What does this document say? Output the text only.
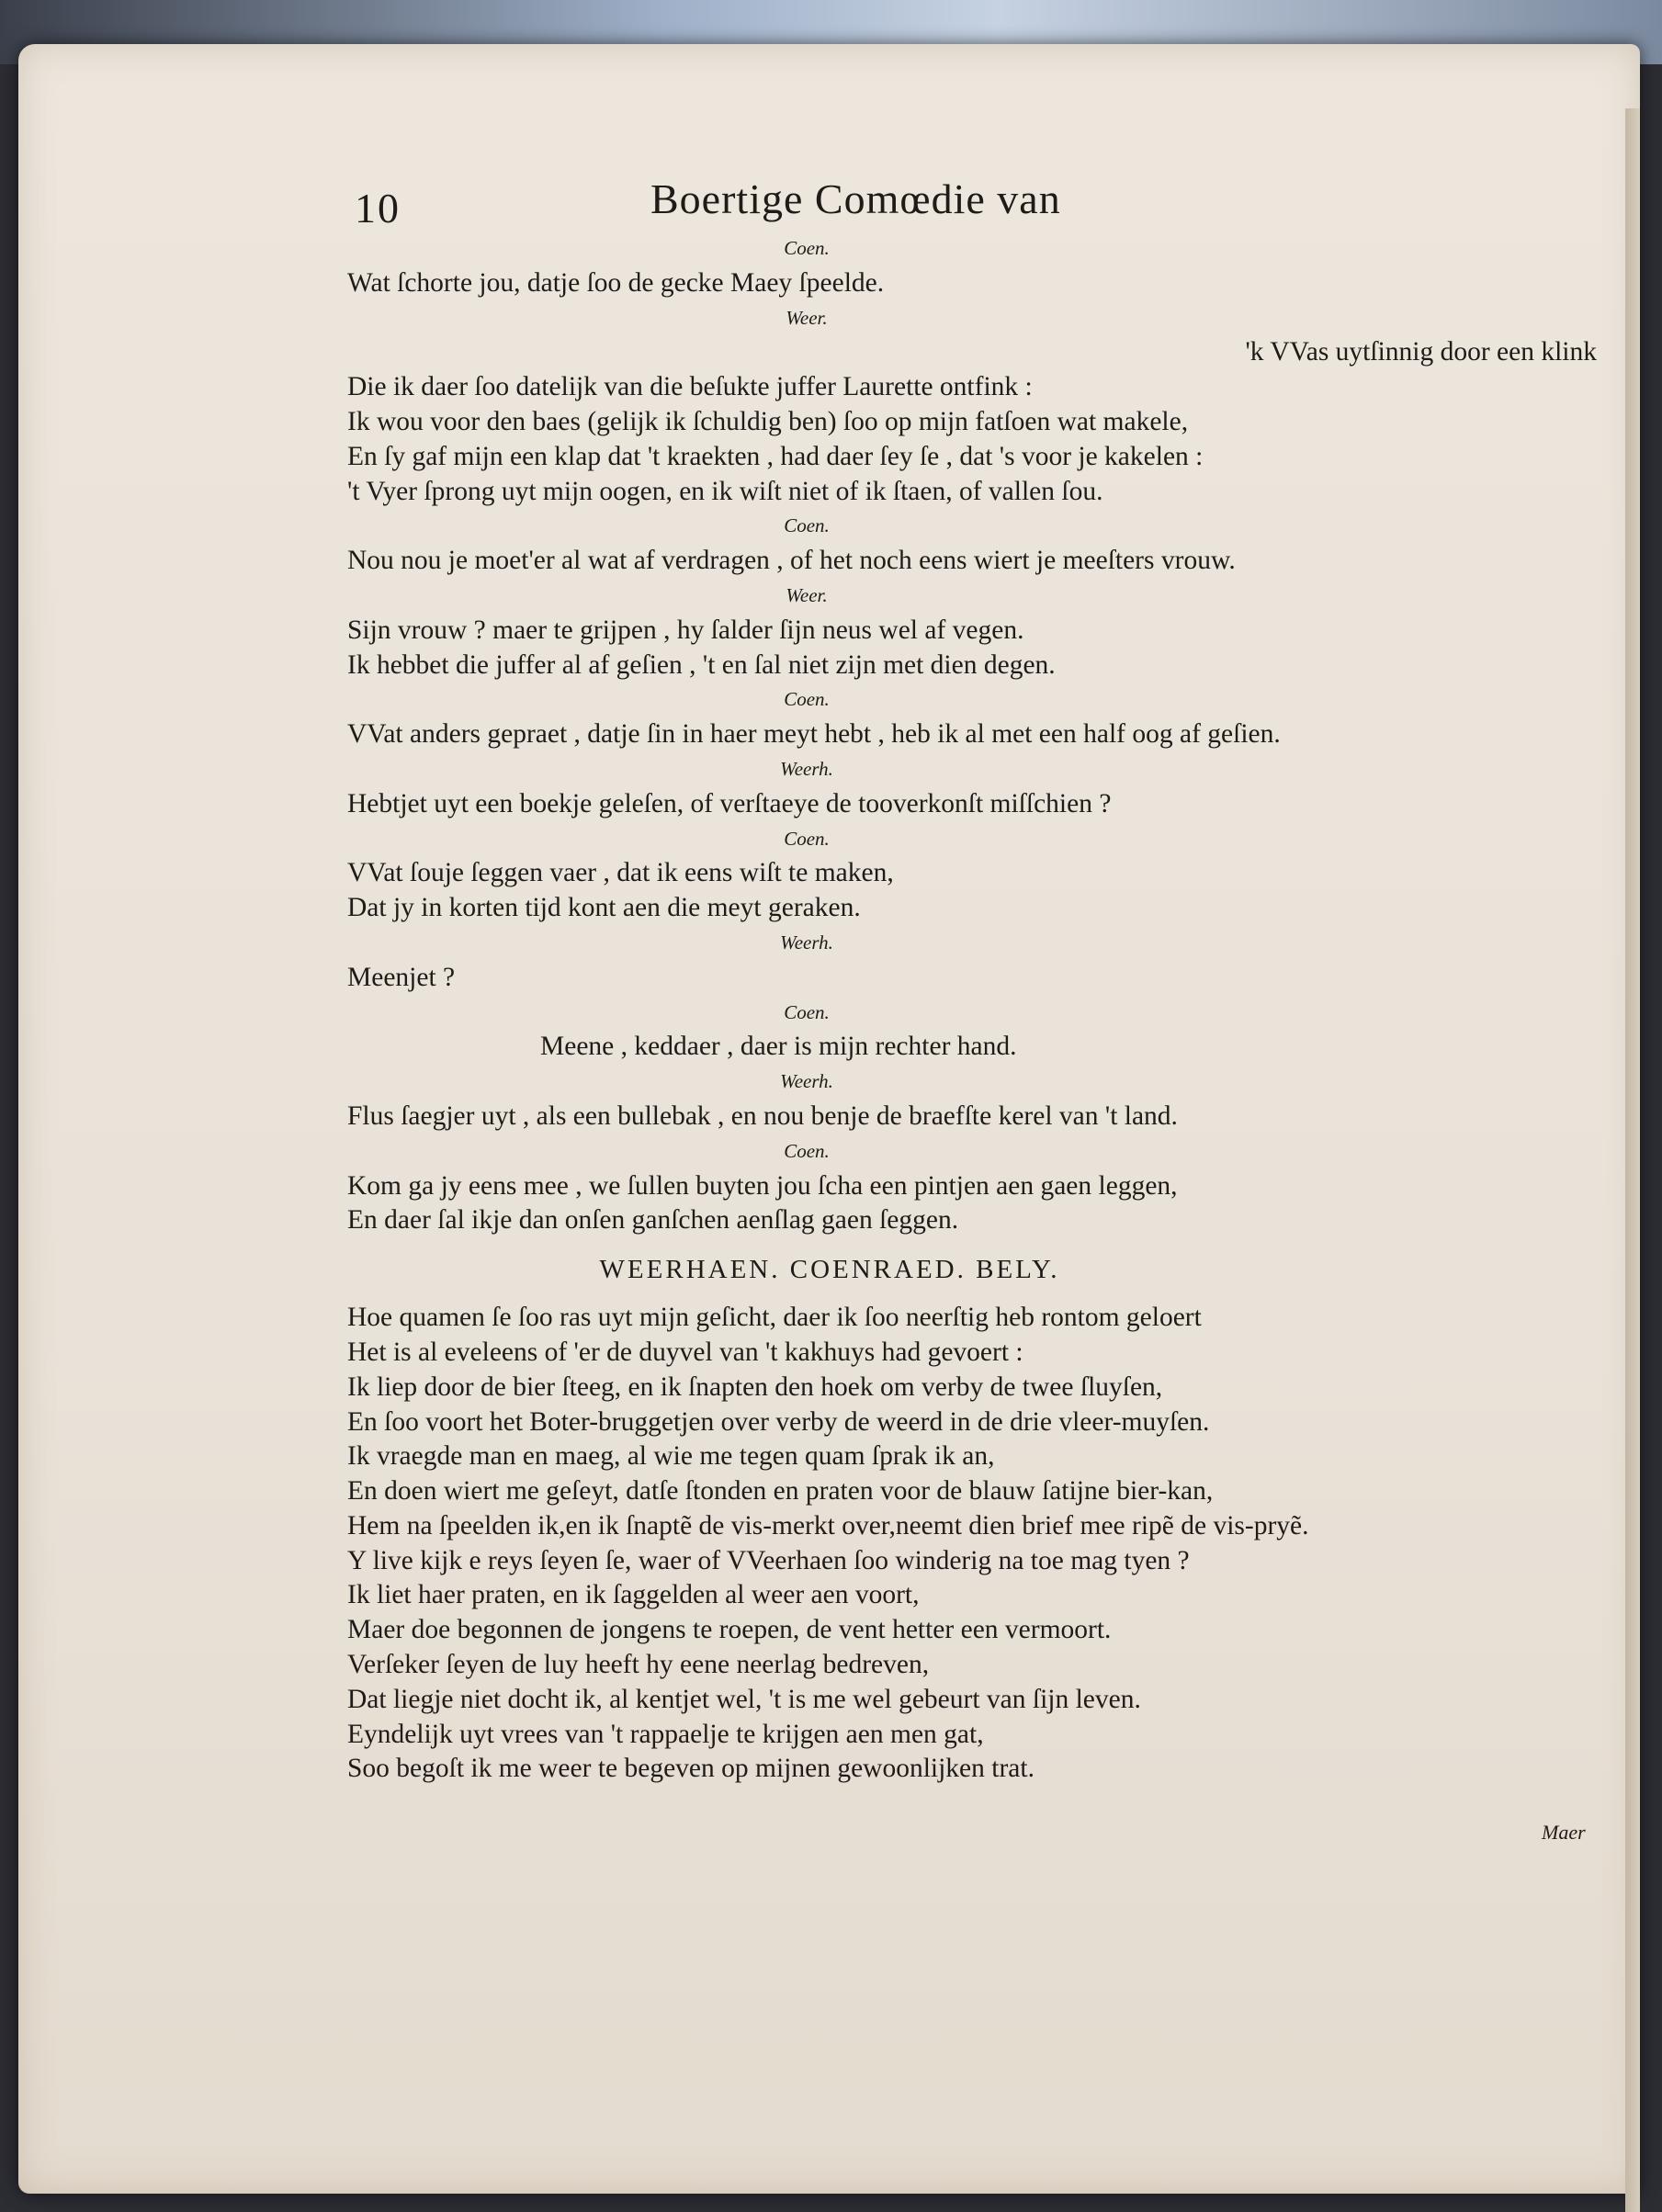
10	Boertige Comœdie van
Coen.
Wat ſchorte jou, datje ſoo de gecke Maey ſpeelde.
Weer.
'k VVas uytſinnig door een klink
Die ik daer ſoo datelijk van die beſukte juffer Laurette ontfink :
Ik wou voor den baes (gelijk ik ſchuldig ben) ſoo op mijn fatſoen wat makele,
En ſy gaf mijn een klap dat 't kraekten , had daer ſey ſe , dat 's voor je kakelen :
't Vyer ſprong uyt mijn oogen, en ik wiſt niet of ik ſtaen, of vallen ſou.
Coen.
Nou nou je moet'er al wat af verdragen , of het noch eens wiert je meeſters vrouw.
Weer.
Sijn vrouw ? maer te grijpen , hy ſalder ſijn neus wel af vegen.
Ik hebbet die juffer al af geſien , 't en ſal niet zijn met dien degen.
Coen.
VVat anders gepraet , datje ſin in haer meyt hebt , heb ik al met een half oog af geſien.
Weerh.
Hebtjet uyt een boekje geleſen, of verſtaeye de tooverkonſt miſſchien ?
Coen.
VVat ſouje ſeggen vaer , dat ik eens wiſt te maken,
Dat jy in korten tijd kont aen die meyt geraken.
Weerh.
Meenjet ?
Coen.
Meene , keddaer , daer is mijn rechter hand.
Weerh.
Flus ſaegjer uyt , als een bullebak , en nou benje de braefſte kerel van 't land.
Coen.
Kom ga jy eens mee , we ſullen buyten jou ſcha een pintjen aen gaen leggen,
En daer ſal ikje dan onſen ganſchen aenſlag gaen ſeggen.
WEERHAEN. COENRAED. BELY.
Hoe quamen ſe ſoo ras uyt mijn geſicht, daer ik ſoo neerſtig heb rontom geloert
Het is al eveleens of 'er de duyvel van 't kakhuys had gevoert :
Ik liep door de bier ſteeg, en ik ſnapten den hoek om verby de twee ſluyſen,
En ſoo voort het Boter-bruggetjen over verby de weerd in de drie vleer-muyſen.
Ik vraegde man en maeg, al wie me tegen quam ſprak ik an,
En doen wiert me geſeyt, datſe ſtonden en praten voor de blauw ſatijne bier-kan,
Hem na ſpeelden ik,en ik ſnaptẽ de vis-merkt over,neemt dien brief mee ripẽ de vis-pryẽ.
Y live kijk e reys ſeyen ſe, waer of VVeerhaen ſoo winderig na toe mag tyen ?
Ik liet haer praten, en ik ſaggelden al weer aen voort,
Maer doe begonnen de jongens te roepen, de vent hetter een vermoort.
Verſeker ſeyen de luy heeft hy eene neerlag bedreven,
Dat liegje niet docht ik, al kentjet wel, 't is me wel gebeurt van ſijn leven.
Eyndelijk uyt vrees van 't rappaelje te krijgen aen men gat,
Soo begoſt ik me weer te begeven op mijnen gewoonlijken trat.
Maer
